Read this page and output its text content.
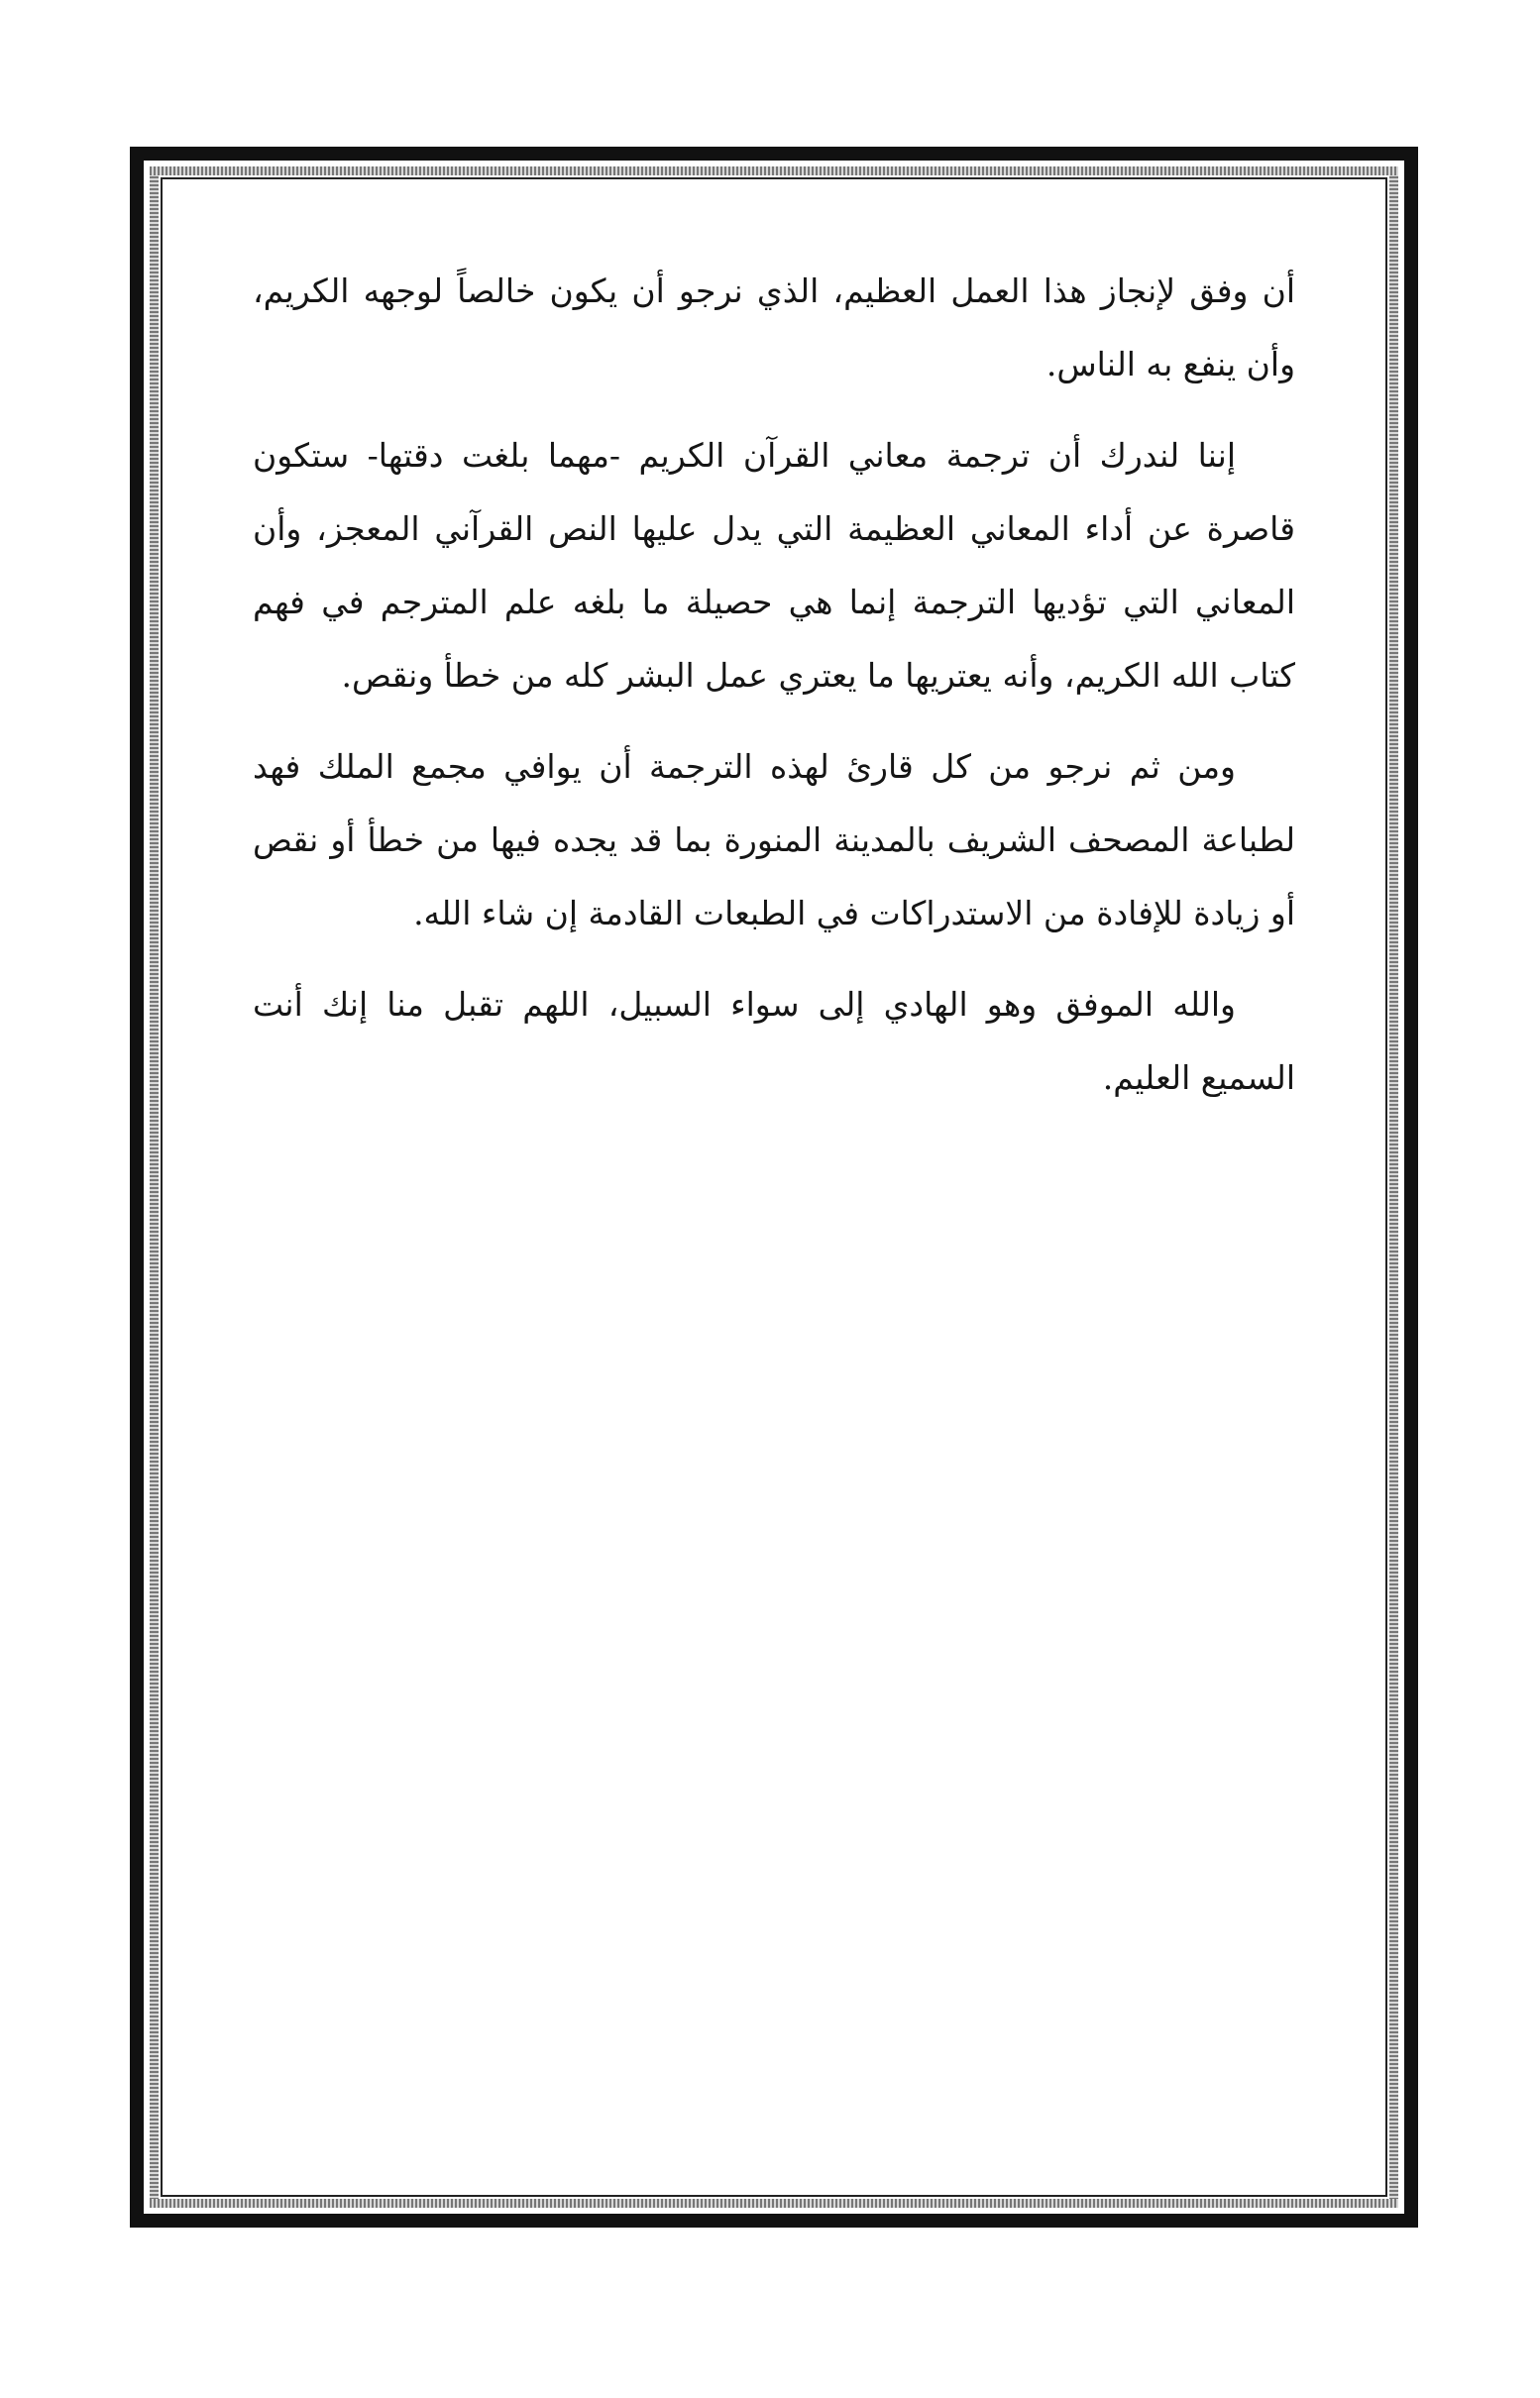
أن وفق لإنجاز هذا العمل العظيم، الذي نرجو أن يكون خالصاً لوجهه الكريم، وأن ينفع به الناس.

إننا لندرك أن ترجمة معاني القرآن الكريم -مهما بلغت دقتها- ستكون قاصرة عن أداء المعاني العظيمة التي يدل عليها النص القرآني المعجز، وأن المعاني التي تؤديها الترجمة إنما هي حصيلة ما بلغه علم المترجم في فهم كتاب الله الكريم، وأنه يعتريها ما يعتري عمل البشر كله من خطأ ونقص.

ومن ثم نرجو من كل قارئ لهذه الترجمة أن يوافي مجمع الملك فهد لطباعة المصحف الشريف بالمدينة المنورة بما قد يجده فيها من خطأ أو نقص أو زيادة للإفادة من الاستدراكات في الطبعات القادمة إن شاء الله.

والله الموفق وهو الهادي إلى سواء السبيل، اللهم تقبل منا إنك أنت السميع العليم.
